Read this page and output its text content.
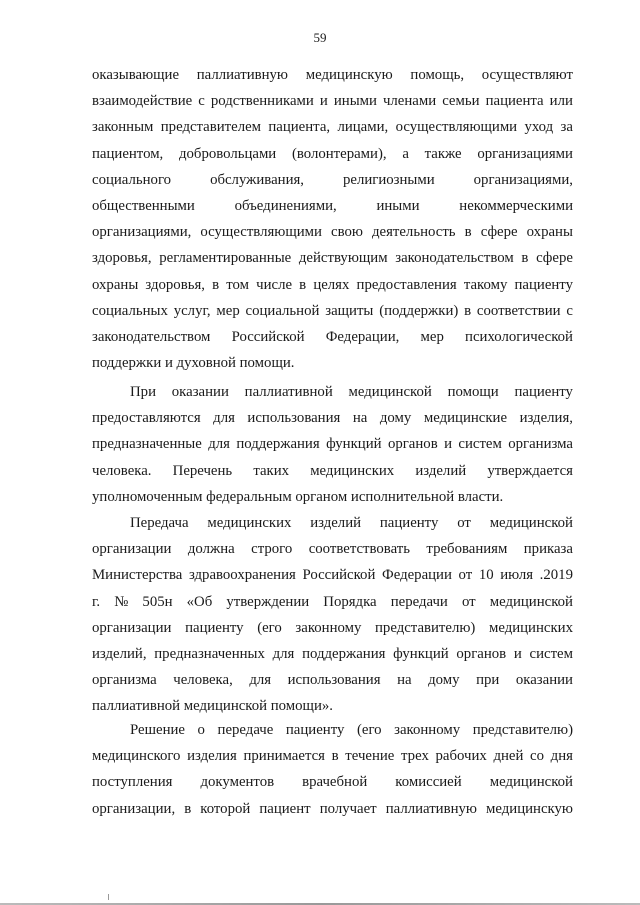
59
оказывающие паллиативную медицинскую помощь, осуществляют
взаимодействие с родственниками и иными членами семьи пациента или
законным представителем пациента, лицами, осуществляющими уход за
пациентом, добровольцами (волонтерами), а также организациями
социального	обслуживания,	религиозными	организациями,
общественными	объединениями,	иными	некоммерческими
организациями, осуществляющими свою деятельность в сфере охраны
здоровья, регламентированные действующим законодательством в сфере
охраны здоровья, в том числе в целях предоставления такому пациенту
социальных услуг, мер социальной защиты (поддержки) в соответствии с
законодательством Российской Федерации, мер психологической
поддержки и духовной помощи.
При оказании паллиативной медицинской помощи пациенту
предоставляются для использования на дому медицинские изделия,
предназначенные для поддержания функций органов и систем организма
человека. Перечень таких медицинских изделий утверждается
уполномоченным федеральным органом исполнительной власти.
Передача медицинских изделий пациенту от медицинской
организации должна строго соответствовать требованиям приказа
Министерства здравоохранения Российской Федерации от 10 июля .2019
г. № 505н «Об утверждении Порядка передачи от медицинской
организации пациенту (его законному представителю) медицинских
изделий, предназначенных для поддержания функций органов и систем
организма человека, для использования на дому при оказании
паллиативной медицинской помощи».
Решение о передаче пациенту (его законному представителю)
медицинского изделия принимается в течение трех рабочих дней со дня
поступления документов врачебной комиссией медицинской
организации, в которой пациент получает паллиативную медицинскую
